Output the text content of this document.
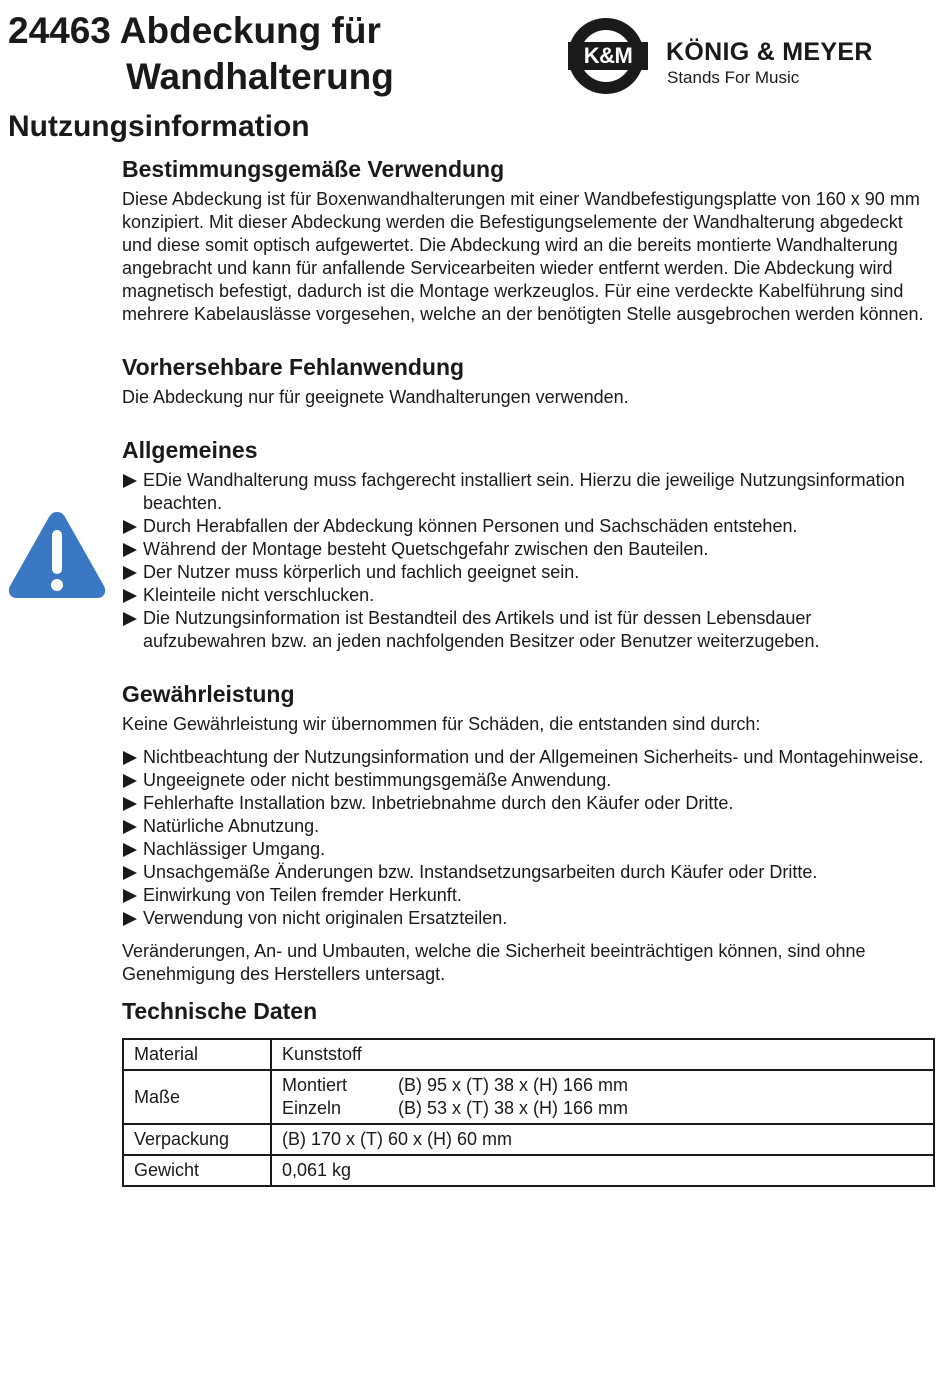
24463 Abdeckung für
Wandhalterung
K&M	KÖNIG & MEYER
Stands For Music
Nutzungsinformation
Bestimmungsgemäße Verwendung

Diese Abdeckung ist für Boxenwandhalterungen mit einer Wandbefestigungsplatte von 160 x 90 mm konzipiert. Mit dieser Abdeckung werden die Befestigungselemente der Wandhalterung abgedeckt und diese somit optisch aufgewertet. Die Abdeckung wird an die bereits montierte Wandhalterung angebracht und kann für anfallende Servicearbeiten wieder entfernt werden. Die Abdeckung wird magnetisch befestigt, dadurch ist die Montage werkzeuglos. Für eine verdeckte Kabelführung sind mehrere Kabelauslässe vorgesehen, welche an der benötigten Stelle ausgebrochen werden können.

Vorhersehbare Fehlanwendung

Die Abdeckung nur für geeignete Wandhalterungen verwenden.

Allgemeines
EDie Wandhalterung muss fachgerecht installiert sein. Hierzu die jeweilige Nutzungsinformation beachten.
Durch Herabfallen der Abdeckung können Personen und Sachschäden entstehen.
Während der Montage besteht Quetschgefahr zwischen den Bauteilen.
Der Nutzer muss körperlich und fachlich geeignet sein.
Kleinteile nicht verschlucken.
Die Nutzungsinformation ist Bestandteil des Artikels und ist für dessen Lebensdauer aufzubewahren bzw. an jeden nachfolgenden Besitzer oder Benutzer weiterzugeben.
Gewährleistung

Keine Gewährleistung wir übernommen für Schäden, die entstanden sind durch:

Nichtbeachtung der Nutzungsinformation und der Allgemeinen Sicherheits- und Montagehinweise.
Ungeeignete oder nicht bestimmungsgemäße Anwendung.
Fehlerhafte Installation bzw. Inbetriebnahme durch den Käufer oder Dritte.
Natürliche Abnutzung.
Nachlässiger Umgang.
Unsachgemäße Änderungen bzw. Instandsetzungsarbeiten durch Käufer oder Dritte.
Einwirkung von Teilen fremder Herkunft.
Verwendung von nicht originalen Ersatzteilen.

Veränderungen, An- und Umbauten, welche die Sicherheit beeinträchtigen können, sind ohne Genehmigung des Herstellers untersagt.

Technische Daten
Material	Kunststoff
Maße	Montiert (B) 95 x (T) 38 x (H) 166 mm
Einzeln (B) 53 x (T) 38 x (H) 166 mm

Verpackung	(B) 170 x (T) 60 x (H) 60 mm
Gewicht	0,061 kg
